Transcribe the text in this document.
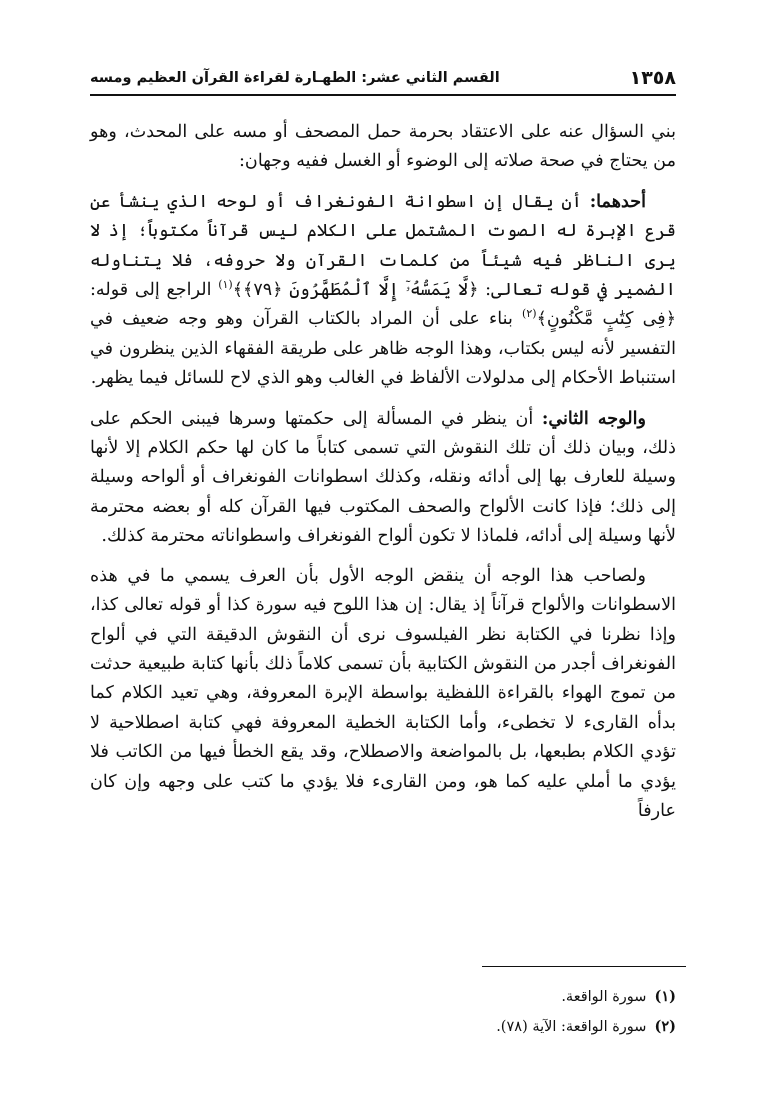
١٣٥٨
القسم الثاني عشر: الطهـارة لقراءة القرآن العظيم ومسه

بني السؤال عنه على الاعتقاد بحرمة حمل المصحف أو مسه على المحدث، وهو من يحتاج في صحة صلاته إلى الوضوء أو الغسل ففيه وجهان:

أحدهما: أن يقال إن اسطوانة الفونغراف أو لوحه الذي ينشأ عن قرع الإبرة له الصوت المشتمل على الكلام ليس قرآناً مكتوباً؛ إذ لا يرى الناظر فيه شيئاً من كلمات القرآن ولا حروفه، فلا يتناوله الضمير في قوله تعالى: ﴿لَّا يَمَسُّهُۥٓ إِلَّا ٱلْمُطَهَّرُونَ ﴿٧٩﴾﴾$^{(١)}$ الراجع إلى قوله: ﴿فِى كِتَٰبٍ مَّكْنُونٍ﴾$^{(٢)}$ بناء على أن المراد بالكتاب القرآن وهو وجه ضعيف في التفسير لأنه ليس بكتاب، وهذا الوجه ظاهر على طريقة الفقهاء الذين ينظرون في استنباط الأحكام إلى مدلولات الألفاظ في الغالب وهو الذي لاح للسائل فيما يظهر.

والوجه الثاني: أن ينظر في المسألة إلى حكمتها وسرها فيبنى الحكم على ذلك، وبيان ذلك أن تلك النقوش التي تسمى كتاباً ما كان لها حكم الكلام إلا لأنها وسيلة للعارف بها إلى أدائه ونقله، وكذلك اسطوانات الفونغراف أو ألواحه وسيلة إلى ذلك؛ فإذا كانت الألواح والصحف المكتوب فيها القرآن كله أو بعضه محترمة لأنها وسيلة إلى أدائه، فلماذا لا تكون ألواح الفونغراف واسطواناته محترمة كذلك.

ولصاحب هذا الوجه أن ينقض الوجه الأول بأن العرف يسمي ما في هذه الاسطوانات والألواح قرآناً إذ يقال: إن هذا اللوح فيه سورة كذا أو قوله تعالى كذا، وإذا نظرنا في الكتابة نظر الفيلسوف نرى أن النقوش الدقيقة التي في ألواح الفونغراف أجدر من النقوش الكتابية بأن تسمى كلاماً ذلك بأنها كتابة طبيعية حدثت من تموج الهواء بالقراءة اللفظية بواسطة الإبرة المعروفة، وهي تعيد الكلام كما بدأه القارىء لا تخطىء، وأما الكتابة الخطية المعروفة فهي كتابة اصطلاحية لا تؤدي الكلام بطبعها، بل بالمواضعة والاصطلاح، وقد يقع الخطأ فيها من الكاتب فلا يؤدي ما أملي عليه كما هو، ومن القارىء فلا يؤدي ما كتب على وجهه وإن كان عارفاً

(١)سورة الواقعة.

(٢)سورة الواقعة: الآية (٧٨).
